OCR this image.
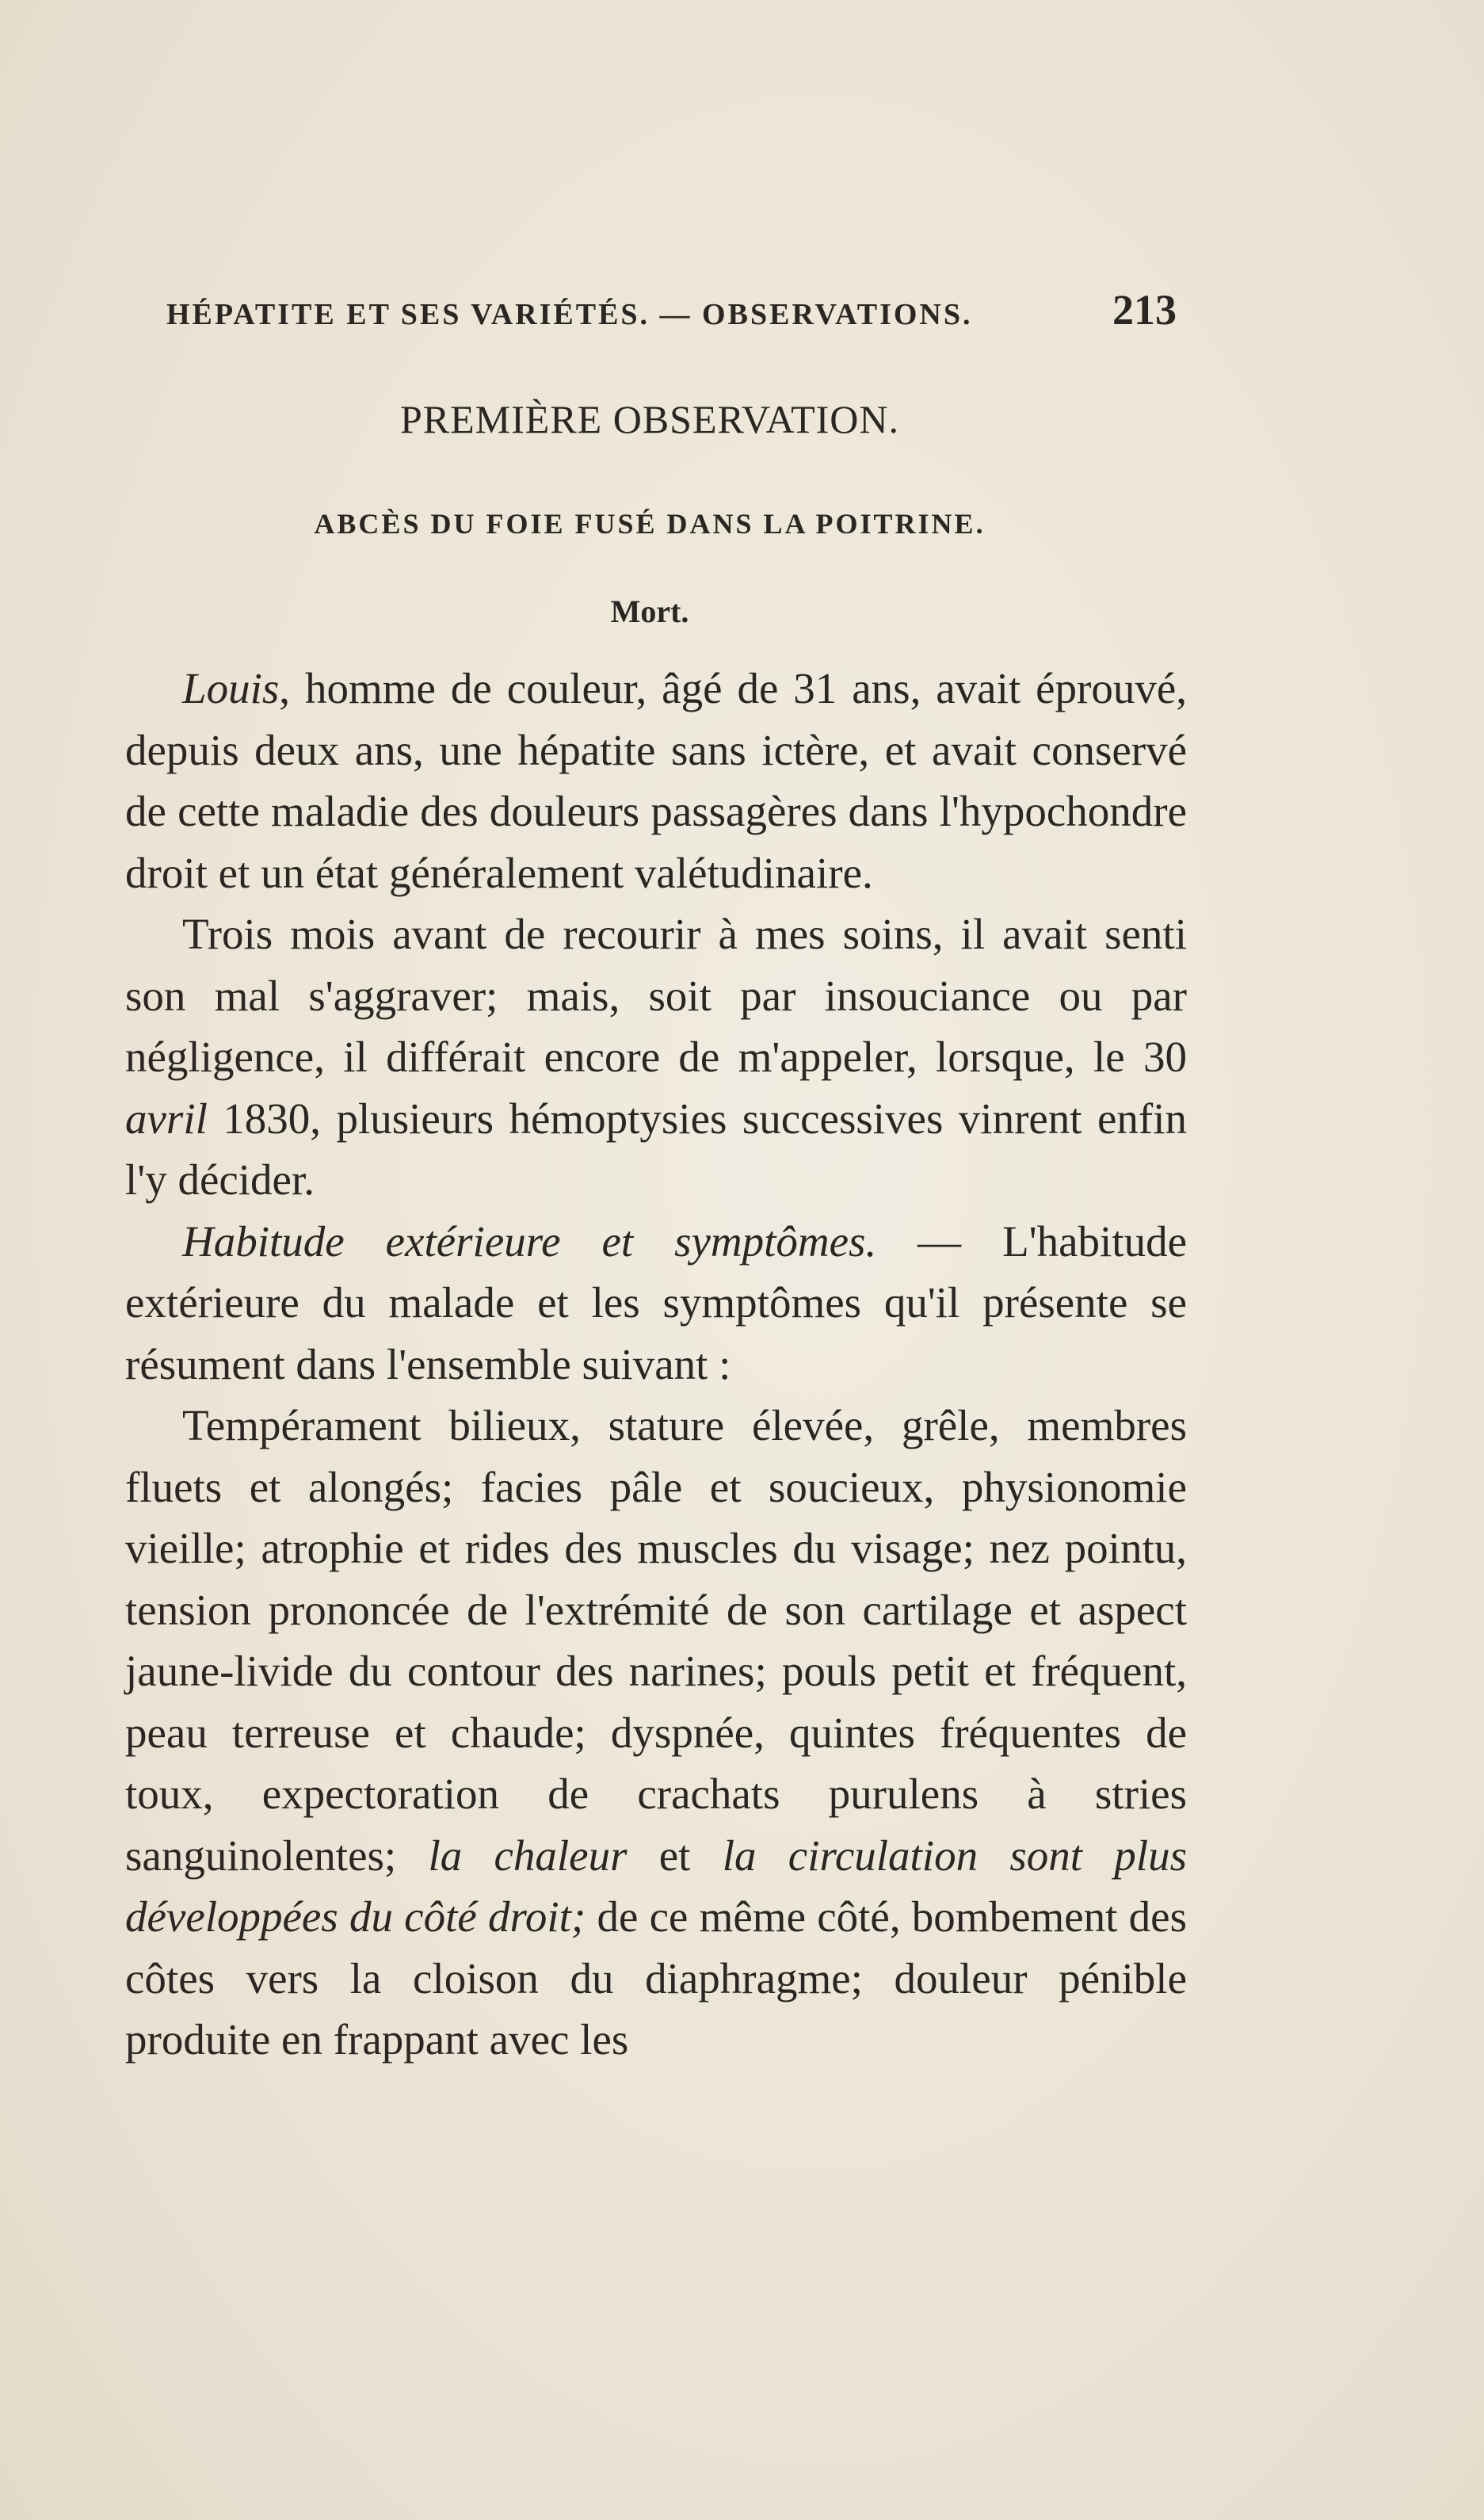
HÉPATITE ET SES VARIÉTÉS. — OBSERVATIONS.	213
PREMIÈRE OBSERVATION.
ABCÈS DU FOIE FUSÉ DANS LA POITRINE.
Mort.

Louis, homme de couleur, âgé de 31 ans, avait éprouvé, depuis deux ans, une hépatite sans ictère, et avait conservé de cette maladie des douleurs passagères dans l'hypochondre droit et un état généralement valétudinaire.

Trois mois avant de recourir à mes soins, il avait senti son mal s'aggraver; mais, soit par insouciance ou par négligence, il différait encore de m'appeler, lorsque, le 30 avril 1830, plusieurs hémoptysies successives vinrent enfin l'y décider.

Habitude extérieure et symptômes. — L'habitude extérieure du malade et les symptômes qu'il présente se résument dans l'ensemble suivant :

Tempérament bilieux, stature élevée, grêle, membres fluets et alongés; facies pâle et soucieux, physionomie vieille; atrophie et rides des muscles du visage; nez pointu, tension prononcée de l'extrémité de son cartilage et aspect jaune-livide du contour des narines; pouls petit et fréquent, peau terreuse et chaude; dyspnée, quintes fréquentes de toux, expectoration de crachats purulens à stries sanguinolentes; la chaleur et la circulation sont plus développées du côté droit; de ce même côté, bombement des côtes vers la cloison du diaphragme; douleur pénible produite en frappant avec les
